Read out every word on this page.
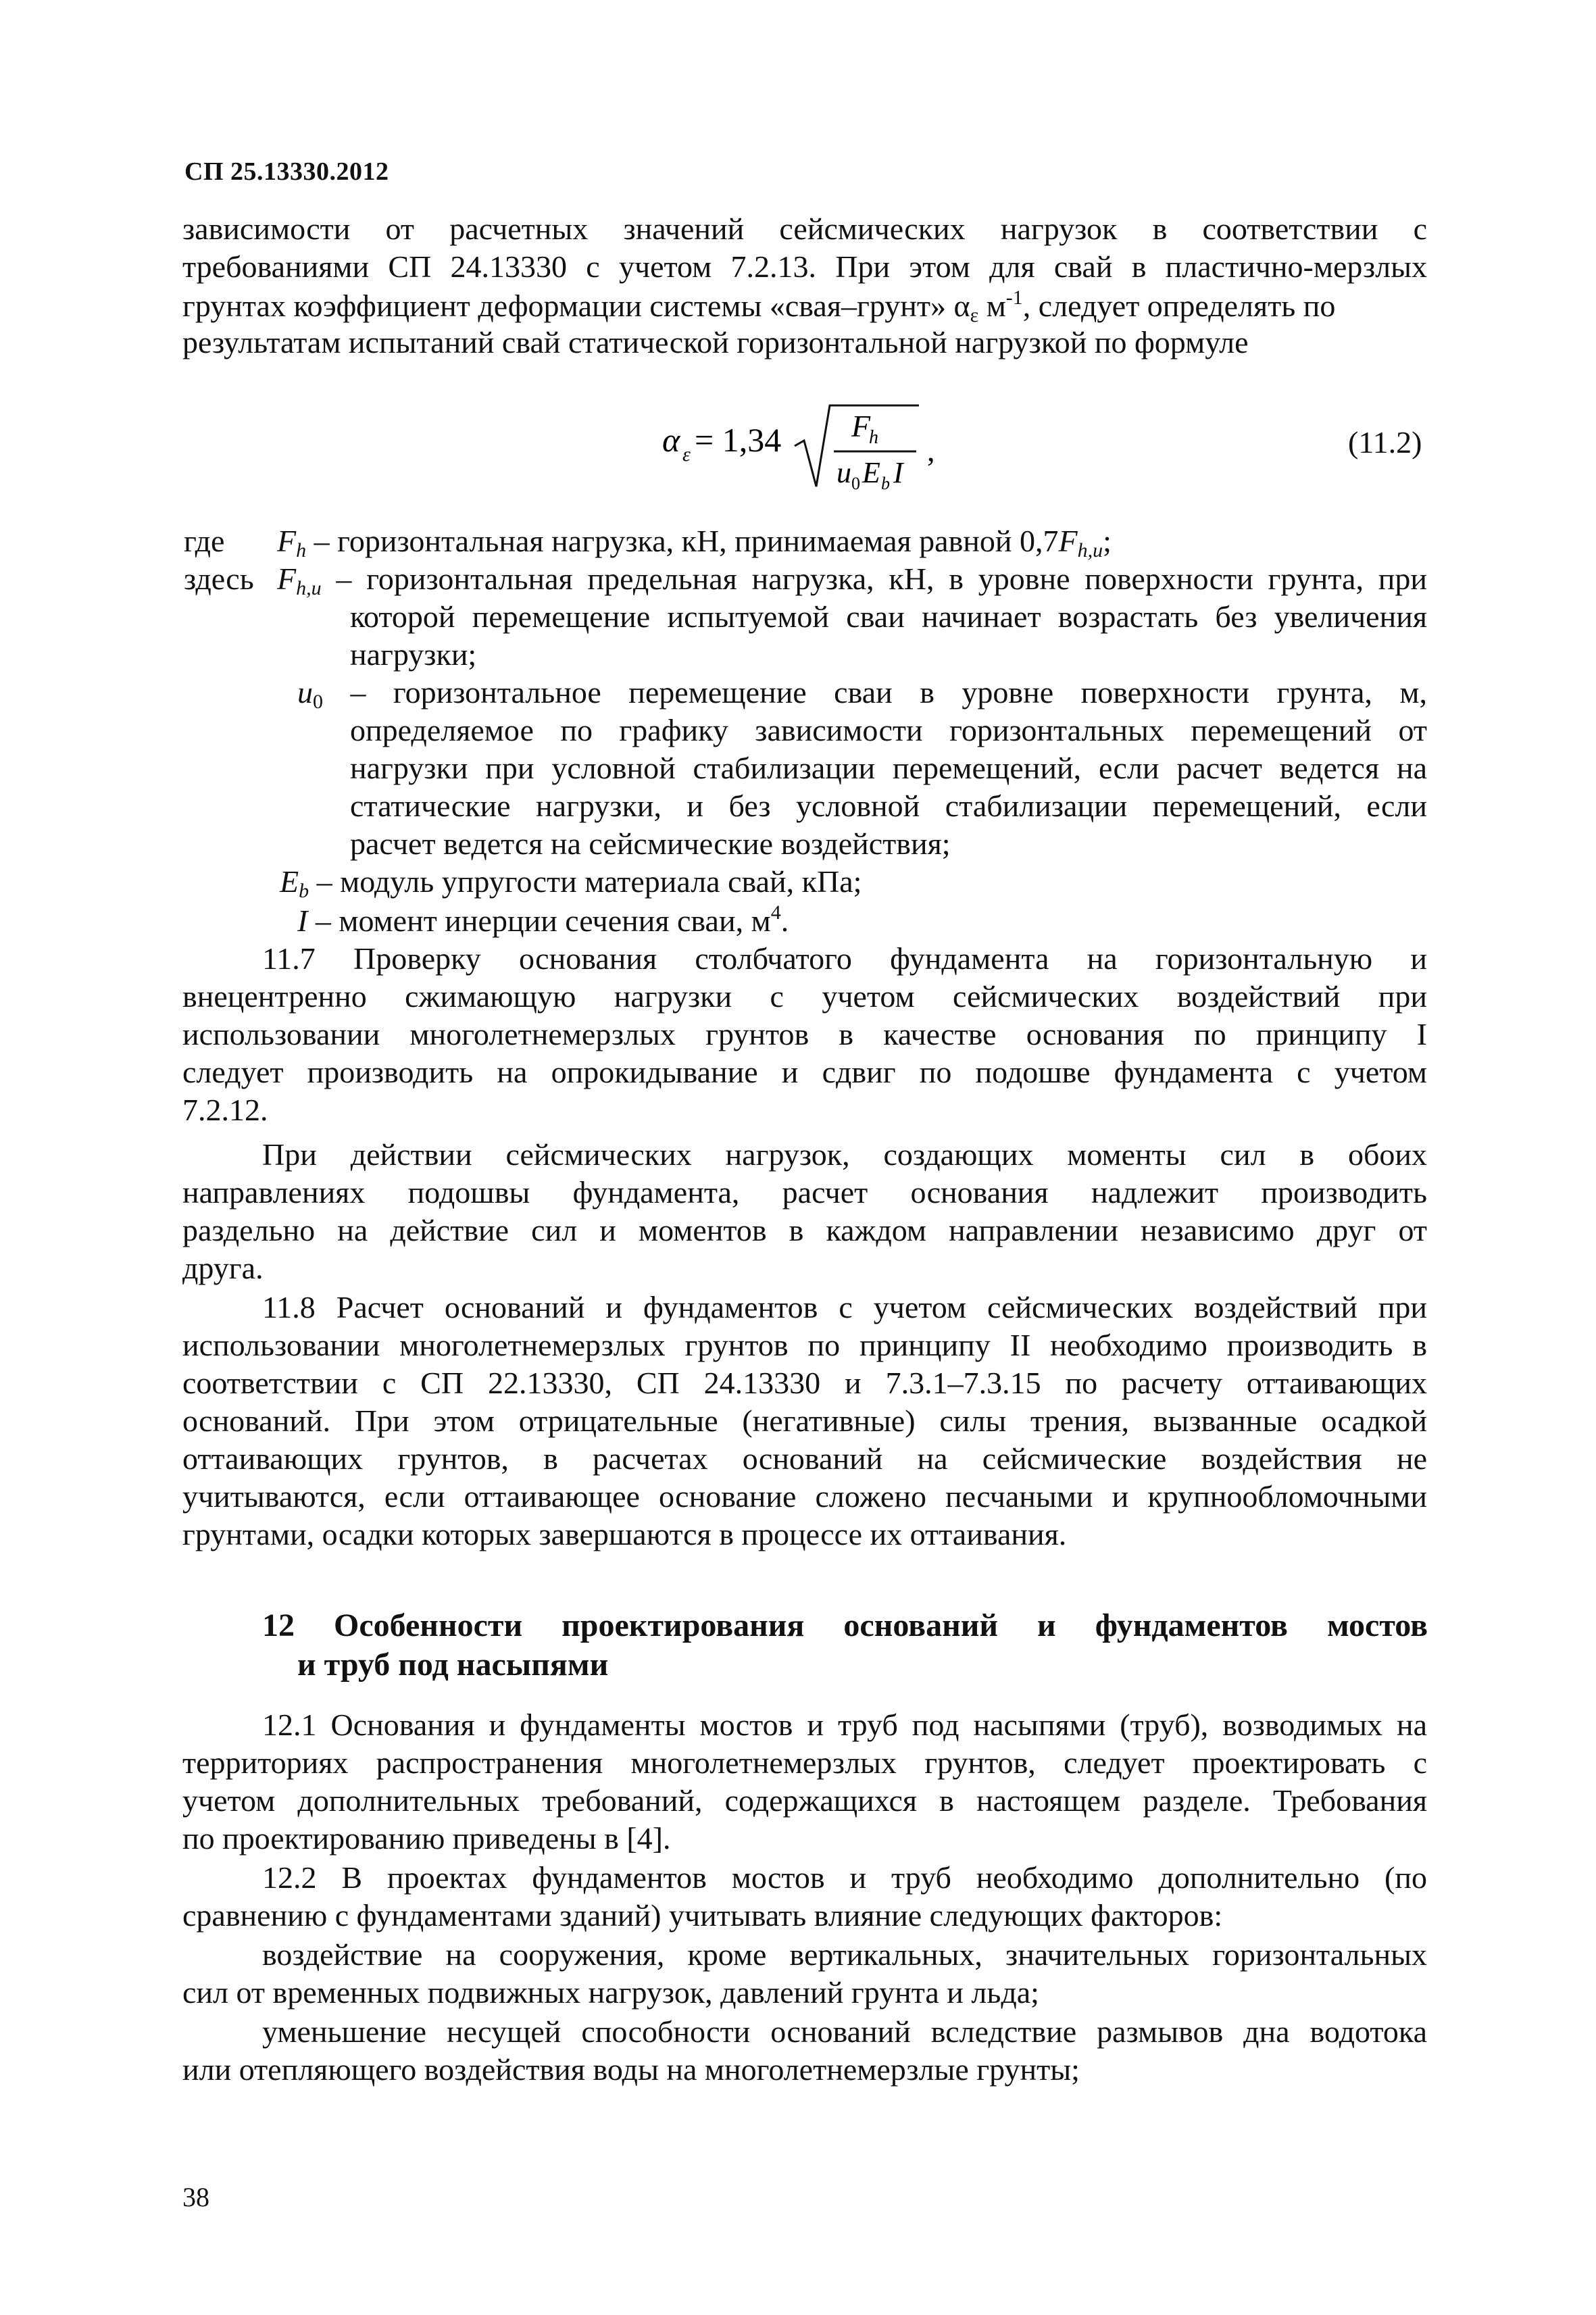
СП 25.13330.2012
зависимости от расчетных значений сейсмических нагрузок в соответствии с
требованиями СП 24.13330 с учетом 7.2.13. При этом для свай в пластично-мерзлых
грунтах коэффициент деформации системы «свая–грунт» $\alpha_\varepsilon$ $м^{-1}$, следует определять по
результатам испытаний свай статической горизонтальной нагрузкой по формуле
α ε = 1,34 F
h
u 0 E b I
,	(11.2)
где $F_h$ – горизонтальная нагрузка, кН, принимаемая равной $0,7F_{h,u}$;
здесь $F_{h,u}$ – горизонтальная предельная нагрузка, кН, в уровне поверхности грунта, при
которой перемещение испытуемой сваи начинает возрастать без увеличения
нагрузки;
$u_0$ – горизонтальное перемещение сваи в уровне поверхности грунта, м,
определяемое по графику зависимости горизонтальных перемещений от
нагрузки при условной стабилизации перемещений, если расчет ведется на
статические нагрузки, и без условной стабилизации перемещений, если
расчет ведется на сейсмические воздействия;
$E_b$ – модуль упругости материала свай, кПа;
I – момент инерции сечения сваи, $м^4$.
11.7 Проверку основания столбчатого фундамента на горизонтальную и
внецентренно сжимающую нагрузки с учетом сейсмических воздействий при
использовании многолетнемерзлых грунтов в качестве основания по принципу I
следует производить на опрокидывание и сдвиг по подошве фундамента с учетом
7.2.12.
При действии сейсмических нагрузок, создающих моменты сил в обоих
направлениях подошвы фундамента, расчет основания надлежит производить
раздельно на действие сил и моментов в каждом направлении независимо друг от
друга.
11.8 Расчет оснований и фундаментов с учетом сейсмических воздействий при
использовании многолетнемерзлых грунтов по принципу II необходимо производить в
соответствии с СП 22.13330, СП 24.13330 и 7.3.1–7.3.15 по расчету оттаивающих
оснований. При этом отрицательные (негативные) силы трения, вызванные осадкой
оттаивающих грунтов, в расчетах оснований на сейсмические воздействия не
учитываются, если оттаивающее основание сложено песчаными и крупнообломочными
грунтами, осадки которых завершаются в процессе их оттаивания.
12 Особенности проектирования оснований и фундаментов мостов
и труб под насыпями
12.1 Основания и фундаменты мостов и труб под насыпями (труб), возводимых на
территориях распространения многолетнемерзлых грунтов, следует проектировать с
учетом дополнительных требований, содержащихся в настоящем разделе. Требования
по проектированию приведены в [4].
12.2 В проектах фундаментов мостов и труб необходимо дополнительно (по
сравнению с фундаментами зданий) учитывать влияние следующих факторов:
воздействие на сооружения, кроме вертикальных, значительных горизонтальных
сил от временных подвижных нагрузок, давлений грунта и льда;
уменьшение несущей способности оснований вследствие размывов дна водотока
или отепляющего воздействия воды на многолетнемерзлые грунты;
38
